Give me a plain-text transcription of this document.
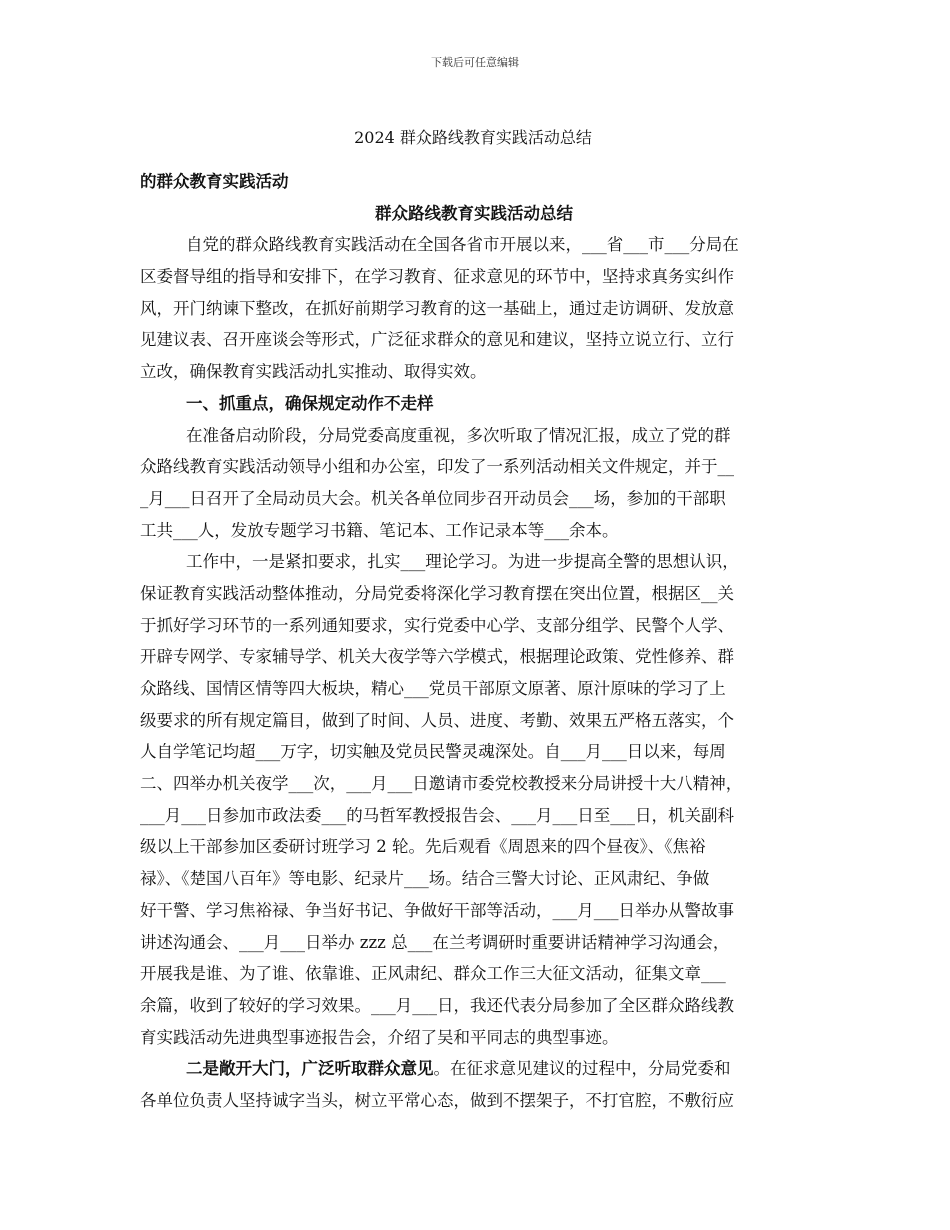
下载后可任意编辑
2024 群众路线教育实践活动总结
的群众教育实践活动
群众路线教育实践活动总结
自党的群众路线教育实践活动在全国各省市开展以来，___省___市___分局在
区委督导组的指导和安排下，在学习教育、征求意见的环节中，坚持求真务实纠作
风，开门纳谏下整改，在抓好前期学习教育的这一基础上，通过走访调研、发放意
见建议表、召开座谈会等形式，广泛征求群众的意见和建议，坚持立说立行、立行
立改，确保教育实践活动扎实推动、取得实效。
一、抓重点，确保规定动作不走样
在准备启动阶段，分局党委高度重视，多次听取了情况汇报，成立了党的群
众路线教育实践活动领导小组和办公室，印发了一系列活动相关文件规定，并于__
_月___日召开了全局动员大会。机关各单位同步召开动员会___场，参加的干部职
工共___人，发放专题学习书籍、笔记本、工作记录本等___余本。
工作中，一是紧扣要求，扎实___理论学习。为进一步提高全警的思想认识，
保证教育实践活动整体推动，分局党委将深化学习教育摆在突出位置，根据区__关
于抓好学习环节的一系列通知要求，实行党委中心学、支部分组学、民警个人学、
开辟专网学、专家辅导学、机关大夜学等六学模式，根据理论政策、党性修养、群
众路线、国情区情等四大板块，精心___党员干部原文原著、原汁原味的学习了上
级要求的所有规定篇目，做到了时间、人员、进度、考勤、效果五严格五落实，个
人自学笔记均超___万字，切实触及党员民警灵魂深处。自___月___日以来，每周
二、四举办机关夜学___次，___月___日邀请市委党校教授来分局讲授十大八精神，
___月___日参加市政法委___的马哲军教授报告会、___月___日至___日，机关副科
级以上干部参加区委研讨班学习 2 轮。先后观看《周恩来的四个昼夜》、《焦裕
禄》、《楚国八百年》等电影、纪录片___场。结合三警大讨论、正风肃纪、争做
好干警、学习焦裕禄、争当好书记、争做好干部等活动，___月___日举办从警故事
讲述沟通会、___月___日举办 zzz 总___在兰考调研时重要讲话精神学习沟通会，
开展我是谁、为了谁、依靠谁、正风肃纪、群众工作三大征文活动，征集文章___
余篇，收到了较好的学习效果。___月___日，我还代表分局参加了全区群众路线教
育实践活动先进典型事迹报告会，介绍了吴和平同志的典型事迹。
二是敞开大门，广泛听取群众意见。在征求意见建议的过程中，分局党委和
各单位负责人坚持诚字当头，树立平常心态，做到不摆架子，不打官腔，不敷衍应
